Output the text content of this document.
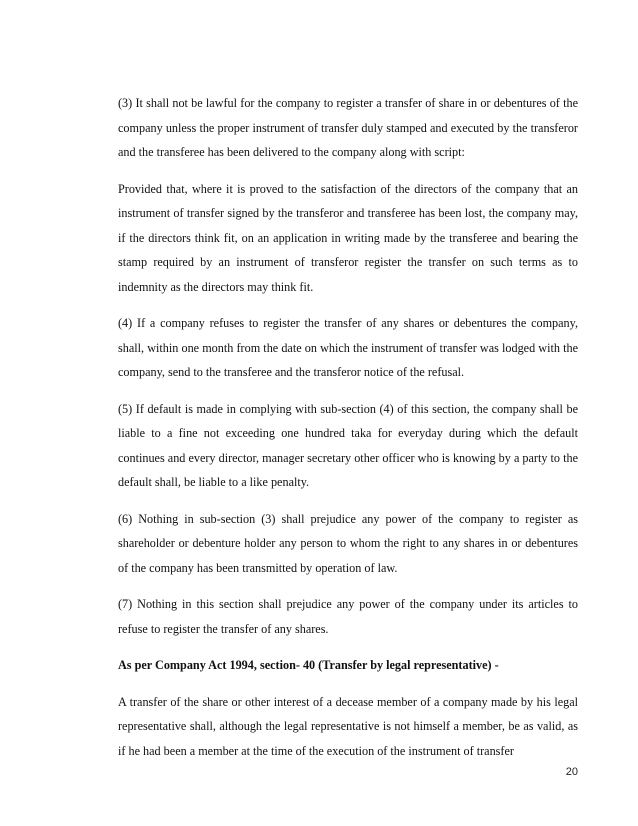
(3) It shall not be lawful for the company to register a transfer of share in or debentures of the company unless the proper instrument of transfer duly stamped and executed by the transferor and the transferee has been delivered to the company along with script:

Provided that, where it is proved to the satisfaction of the directors of the company that an instrument of transfer signed by the transferor and transferee has been lost, the company may, if the directors think fit, on an application in writing made by the transferee and bearing the stamp required by an instrument of transferor register the transfer on such terms as to indemnity as the directors may think fit.

(4) If a company refuses to register the transfer of any shares or debentures the company, shall, within one month from the date on which the instrument of transfer was lodged with the company, send to the transferee and the transferor notice of the refusal.

(5) If default is made in complying with sub-section (4) of this section, the company shall be liable to a fine not exceeding one hundred taka for everyday during which the default continues and every director, manager secretary other officer who is knowing by a party to the default shall, be liable to a like penalty.

(6) Nothing in sub-section (3) shall prejudice any power of the company to register as shareholder or debenture holder any person to whom the right to any shares in or debentures of the company has been transmitted by operation of law.

(7) Nothing in this section shall prejudice any power of the company under its articles to refuse to register the transfer of any shares.

As per Company Act 1994, section- 40 (Transfer by legal representative) -

A transfer of the share or other interest of a decease member of a company made by his legal representative shall, although the legal representative is not himself a member, be as valid, as if he had been a member at the time of the execution of the instrument of transfer

20
